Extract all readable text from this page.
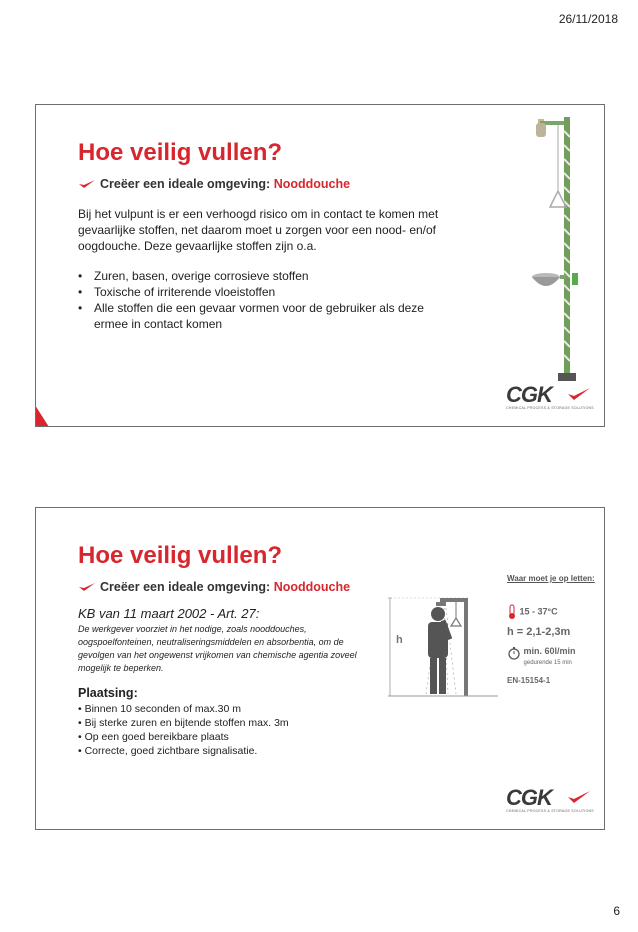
26/11/2018
Hoe veilig vullen?
Creëer een ideale omgeving: Nooddouche

Bij het vulpunt is er een verhoogd risico om in contact te komen met gevaarlijke stoffen, net daarom moet u zorgen voor een nood- en/of oogdouche. Deze gevaarlijke stoffen zijn o.a.

• Zuren, basen, overige corrosieve stoffen
• Toxische of irriterende vloeistoffen
• Alle stoffen die een gevaar vormen voor de gebruiker als deze ermee in contact komen
CGK
CHEMICAL PROCESS & STORAGE SOLUTIONS
Hoe veilig vullen?
Creëer een ideale omgeving: Nooddouche

KB van 11 maart 2002 - Art. 27:

De werkgever voorziet in het nodige, zoals nooddouches, oogspoelfonteinen, neutraliseringsmiddelen en absorbentia, om de gevolgen van het ongewenst vrijkomen van chemische agentia zoveel mogelijk te beperken.

Plaatsing:

• Binnen 10 seconden of max.30 m
• Bij sterke zuren en bijtende stoffen max. 3m
• Op een goed bereikbare plaats
• Correcte, goed zichtbare signalisatie.
h
Waar moet je op letten:
15 - 37°C
h = 2,1-2,3m
min. 60l/min
gedurende 15 min
EN-15154-1
CGK
CHEMICAL PROCESS & STORAGE SOLUTIONS
6
